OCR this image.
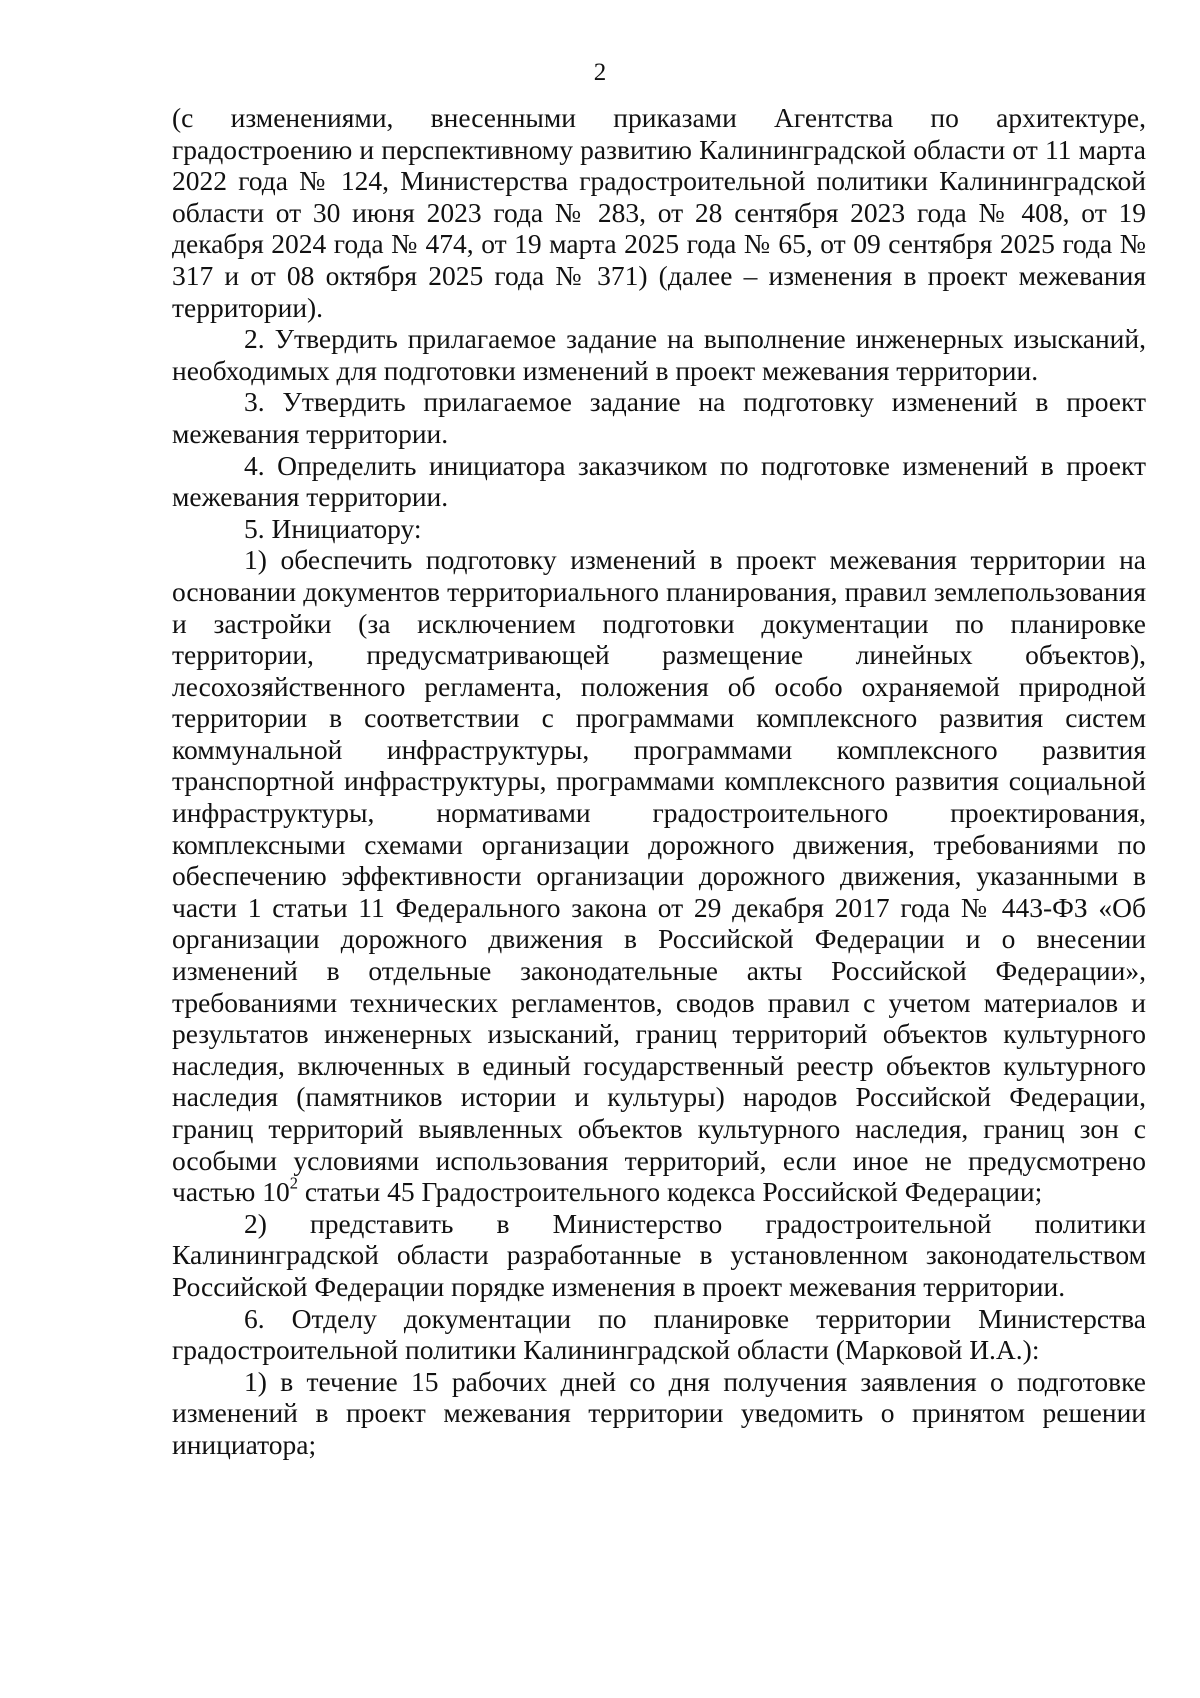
2

(с изменениями, внесенными приказами Агентства по архитектуре, градостроению и перспективному развитию Калининградской области от 11 марта 2022 года № 124, Министерства градостроительной политики Калининградской области от 30 июня 2023 года № 283, от 28 сентября 2023 года № 408, от 19 декабря 2024 года № 474, от 19 марта 2025 года № 65, от 09 сентября 2025 года № 317 и от 08 октября 2025 года № 371) (далее – изменения в проект межевания территории).

2. Утвердить прилагаемое задание на выполнение инженерных изысканий, необходимых для подготовки изменений в проект межевания территории.

3. Утвердить прилагаемое задание на подготовку изменений в проект межевания территории.

4. Определить инициатора заказчиком по подготовке изменений в проект межевания территории.

5. Инициатору:

1) обеспечить подготовку изменений в проект межевания территории на основании документов территориального планирования, правил землепользования и застройки (за исключением подготовки документации по планировке территории, предусматривающей размещение линейных объектов), лесохозяйственного регламента, положения об особо охраняемой природной территории в соответствии с программами комплексного развития систем коммунальной инфраструктуры, программами комплексного развития транспортной инфраструктуры, программами комплексного развития социальной инфраструктуры, нормативами градостроительного проектирования, комплексными схемами организации дорожного движения, требованиями по обеспечению эффективности организации дорожного движения, указанными в части 1 статьи 11 Федерального закона от 29 декабря 2017 года № 443-ФЗ «Об организации дорожного движения в Российской Федерации и о внесении изменений в отдельные законодательные акты Российской Федерации», требованиями технических регламентов, сводов правил с учетом материалов и результатов инженерных изысканий, границ территорий объектов культурного наследия, включенных в единый государственный реестр объектов культурного наследия (памятников истории и культуры) народов Российской Федерации, границ территорий выявленных объектов культурного наследия, границ зон с особыми условиями использования территорий, если иное не предусмотрено частью $10^2$ статьи 45 Градостроительного кодекса Российской Федерации;

2) представить в Министерство градостроительной политики Калининградской области разработанные в установленном законодательством Российской Федерации порядке изменения в проект межевания территории.

6. Отделу документации по планировке территории Министерства градостроительной политики Калининградской области (Марковой И.А.):

1) в течение 15 рабочих дней со дня получения заявления о подготовке изменений в проект межевания территории уведомить о принятом решении инициатора;
